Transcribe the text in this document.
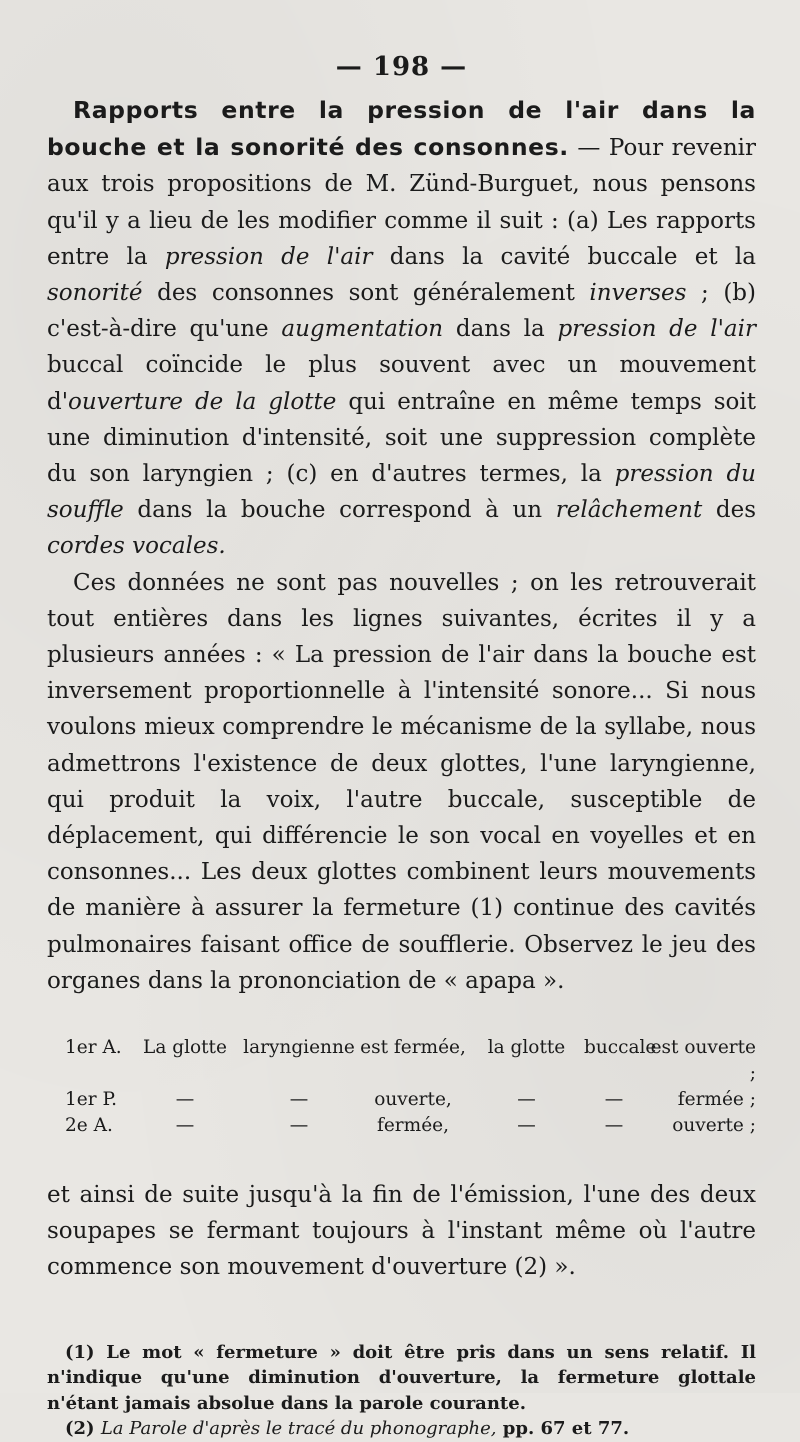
— 198 —

Rapports entre la pression de l'air dans la bouche et la sonorité des consonnes. — Pour revenir aux trois propositions de M. Zünd-Burguet, nous pensons qu'il y a lieu de les modifier comme il suit : (a) Les rapports entre la pression de l'air dans la cavité buccale et la sonorité des consonnes sont généralement inverses ; (b) c'est-à-dire qu'une augmentation dans la pression de l'air buccal coïncide le plus souvent avec un mouvement d'ouverture de la glotte qui entraîne en même temps soit une diminution d'intensité, soit une suppression complète du son laryngien ; (c) en d'autres termes, la pression du souffle dans la bouche correspond à un relâchement des cordes vocales.

Ces données ne sont pas nouvelles ; on les retrouverait tout entières dans les lignes suivantes, écrites il y a plusieurs années : « La pression de l'air dans la bouche est inversement proportionnelle à l'intensité sonore... Si nous voulons mieux comprendre le mécanisme de la syllabe, nous admettrons l'existence de deux glottes, l'une laryngienne, qui produit la voix, l'autre buccale, susceptible de déplacement, qui différencie le son vocal en voyelles et en consonnes... Les deux glottes combinent leurs mouvements de manière à assurer la fermeture (1) continue des cavités pulmonaires faisant office de soufflerie. Observez le jeu des organes dans la prononciation de « apapa ».

1er A.	La glotte laryngienne est fermée,	la glotte	buccale
est ouverte ;
1er P.	—	—	ouverte,	—	—	fermée ;
2e A.	—	—	fermée,	—	—	ouverte ;

et ainsi de suite jusqu'à la fin de l'émission, l'une des deux soupapes se fermant toujours à l'instant même où l'autre commence son mouvement d'ouverture (2) ».

(1) Le mot « fermeture » doit être pris dans un sens relatif. Il n'indique qu'une diminution d'ouverture, la fermeture glottale n'étant jamais absolue dans la parole courante.

(2) La Parole d'après le tracé du phonographe, pp. 67 et 77.
